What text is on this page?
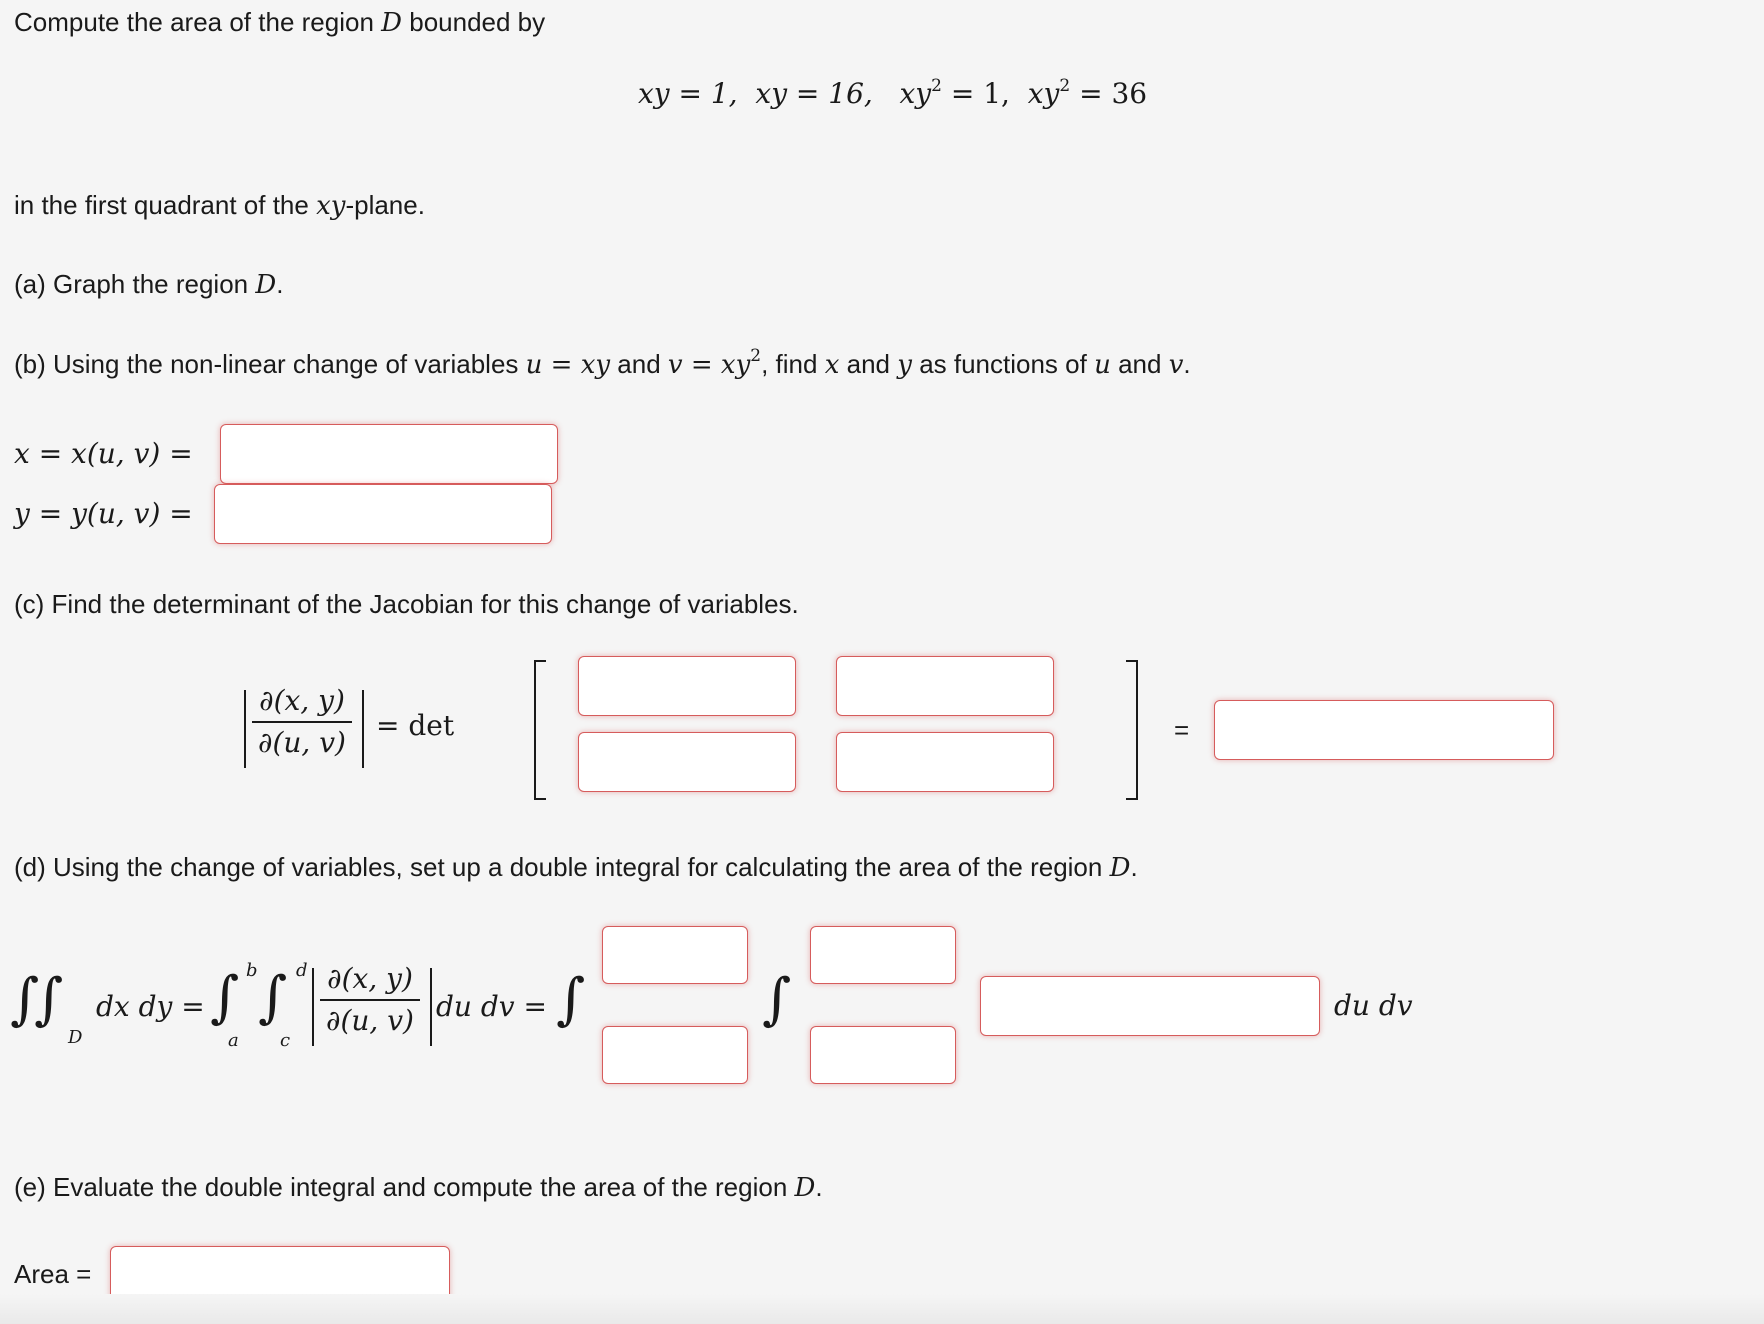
Compute the area of the region D bounded by
xy = 1, xy = 16, $xy^2 = 1$, $xy^2 = 36$
in the first quadrant of the xy-plane.
(a) Graph the region D.
(b) Using the non-linear change of variables u = xy and $v = xy^2$, find x and y as functions of u and v.
x = x(u, v) =
y = y(u, v) =
(c) Find the determinant of the Jacobian for this change of variables.
∂(x, y)
∂(u, v) = det	=
(d) Using the change of variables, set up a double integral for calculating the area of the region D.
∫
∫
D
dx dy = ∫ b
a
∫ d
c
∂(x, y)
∂(u, v) du dv = ∫	∫	du dv
(e) Evaluate the double integral and compute the area of the region D.
Area =
